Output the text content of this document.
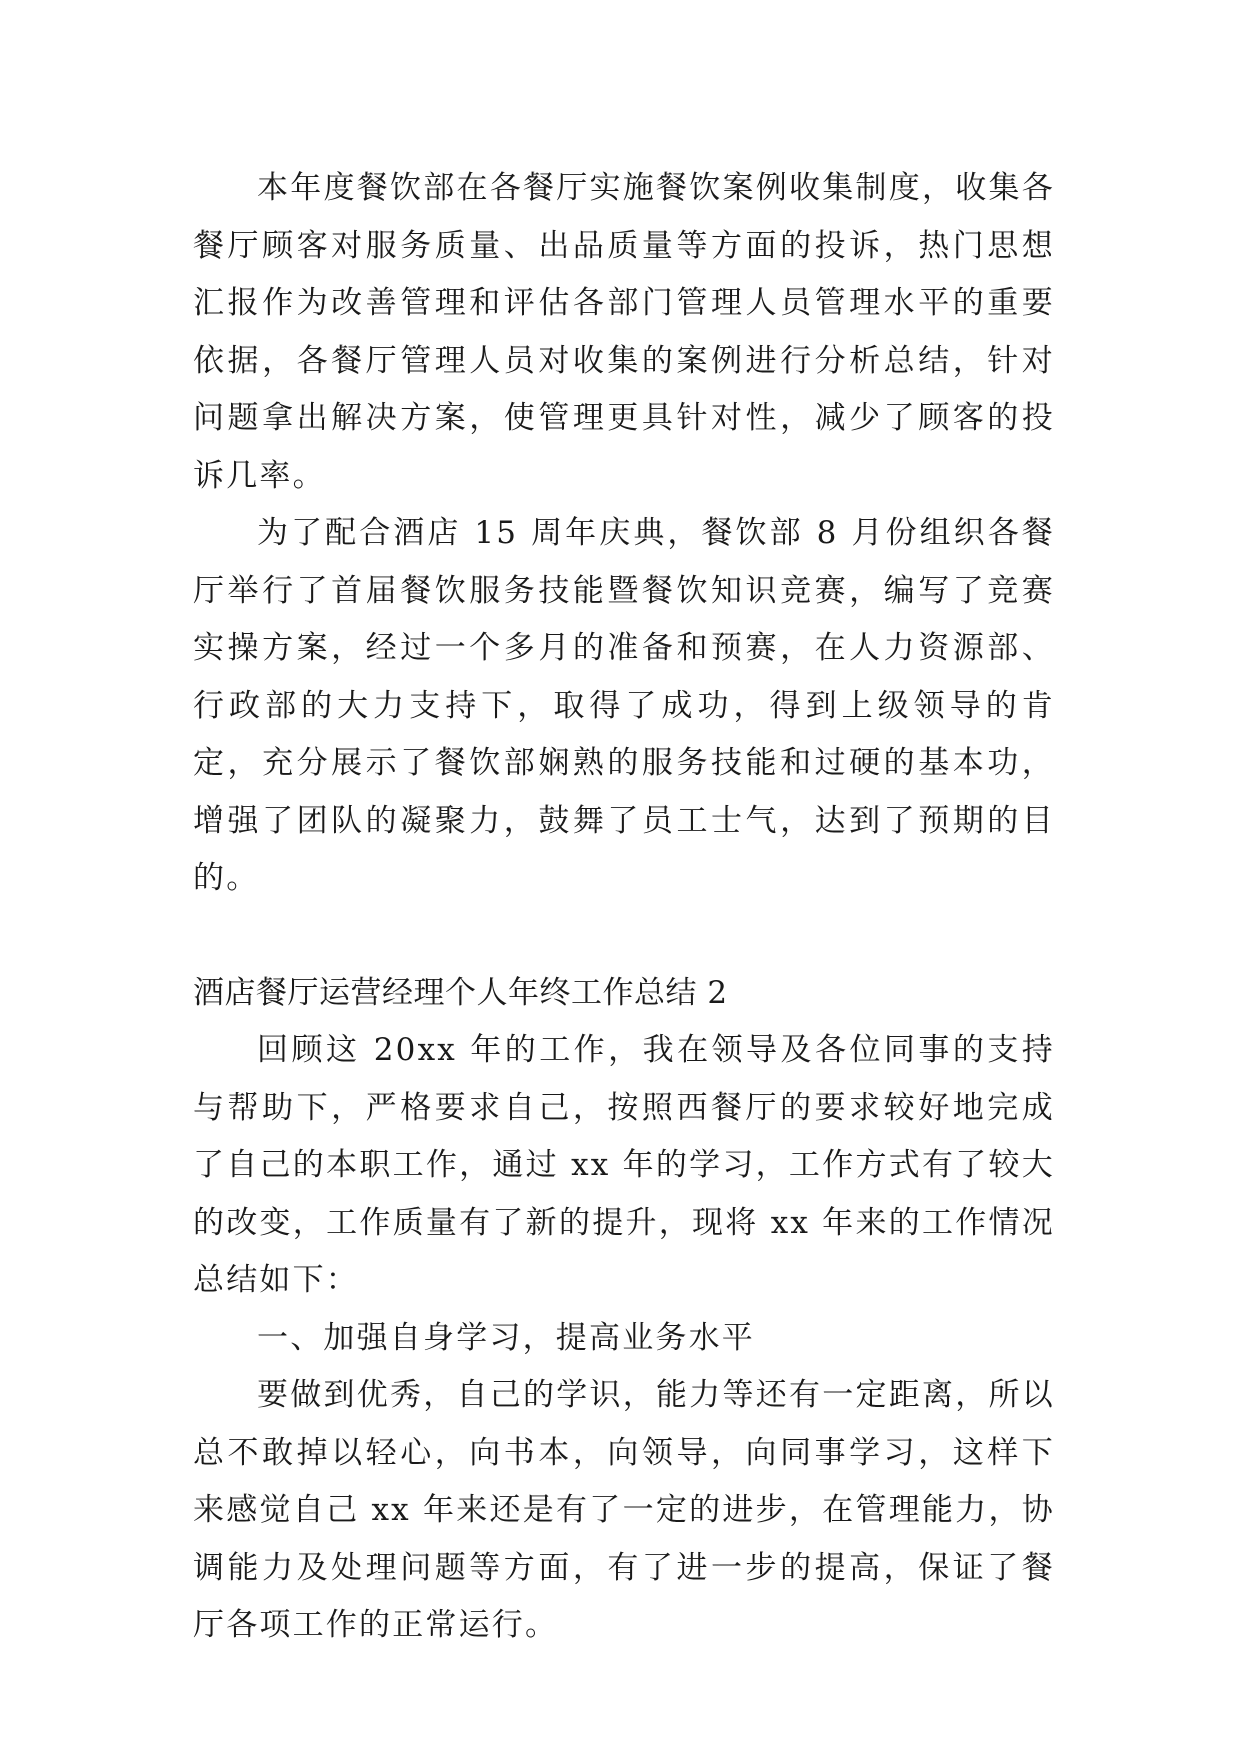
本年度餐饮部在各餐厅实施餐饮案例收集制度，收集各餐厅顾客对服务质量、出品质量等方面的投诉，热门思想汇报作为改善管理和评估各部门管理人员管理水平的重要依据，各餐厅管理人员对收集的案例进行分析总结，针对问题拿出解决方案，使管理更具针对性，减少了顾客的投诉几率。

为了配合酒店 15 周年庆典，餐饮部 8 月份组织各餐厅举行了首届餐饮服务技能暨餐饮知识竞赛，编写了竞赛实操方案，经过一个多月的准备和预赛，在人力资源部、行政部的大力支持下，取得了成功，得到上级领导的肯定，充分展示了餐饮部娴熟的服务技能和过硬的基本功，增强了团队的凝聚力，鼓舞了员工士气，达到了预期的目的。

酒店餐厅运营经理个人年终工作总结 2

回顾这 20xx 年的工作，我在领导及各位同事的支持与帮助下，严格要求自己，按照西餐厅的要求较好地完成了自己的本职工作，通过 xx 年的学习，工作方式有了较大的改变，工作质量有了新的提升，现将 xx 年来的工作情况总结如下：

一、加强自身学习，提高业务水平

要做到优秀，自己的学识，能力等还有一定距离，所以总不敢掉以轻心，向书本，向领导，向同事学习，这样下来感觉自己 xx 年来还是有了一定的进步，在管理能力，协调能力及处理问题等方面，有了进一步的提高，保证了餐厅各项工作的正常运行。
